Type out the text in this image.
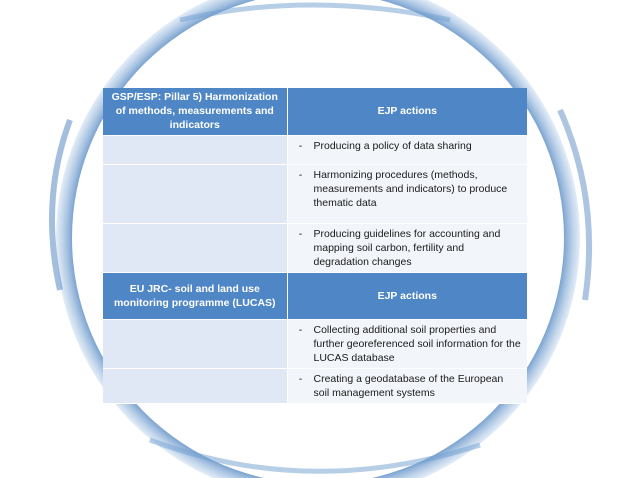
GSP/ESP: Pillar 5) Harmonization of methods, measurements and indicators	EJP actions

	- Producing a policy of data sharing

	- Harmonizing procedures (methods, measurements and indicators) to produce thematic data

	- Producing guidelines for accounting and mapping soil carbon, fertility and degradation changes

EU JRC- soil and land use monitoring programme (LUCAS)	EJP actions

	- Collecting additional soil properties and further georeferenced soil information for the LUCAS database

	- Creating a geodatabase of the European soil management systems
